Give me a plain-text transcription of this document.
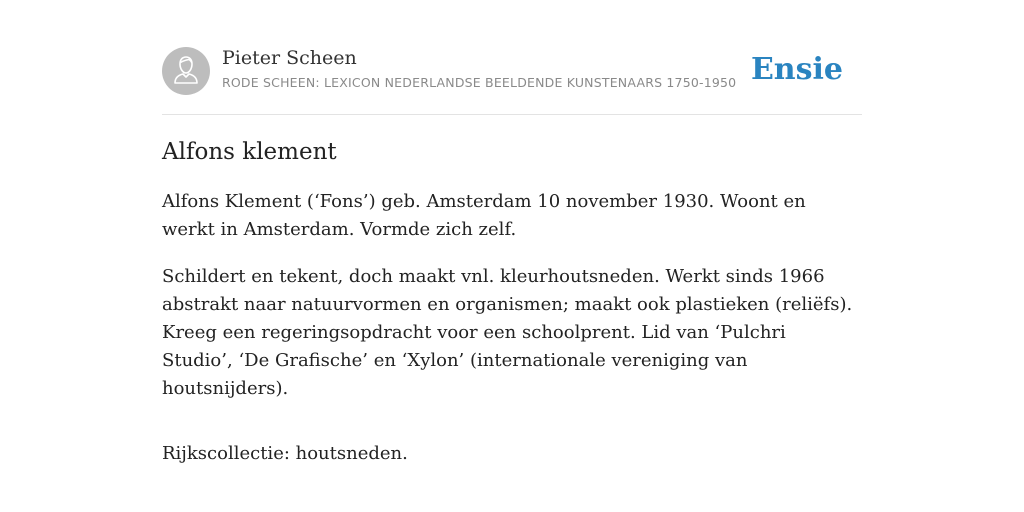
Pieter Scheen
RODE SCHEEN: LEXICON NEDERLANDSE BEELDENDE KUNSTENAARS 1750-1950 Ensie
Alfons klement

Alfons Klement (‘Fons’) geb. Amsterdam 10 november 1930. Woont en werkt in Amsterdam. Vormde zich zelf.

Schildert en tekent, doch maakt vnl. kleurhoutsneden. Werkt sinds 1966 abstrakt naar natuurvormen en organismen; maakt ook plastieken (reliëfs). Kreeg een regeringsopdracht voor een schoolprent. Lid van ‘Pulchri Studio’, ‘De Grafische’ en ‘Xylon’ (internationale vereniging van houtsnijders).

Rijkscollectie: houtsneden.
